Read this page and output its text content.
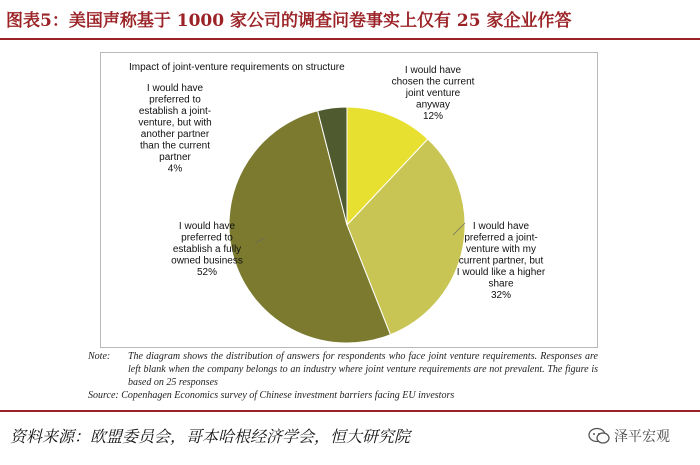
图表5：美国声称基于 1000 家公司的调查问卷事实上仅有 25 家企业作答
Impact of joint-venture requirements on structure	I would have chosen the current joint venture anyway 12%
I would have preferred a joint-venture with my current partner, but I would like a higher share 32%
I would have preferred to establish a fully owned business 52%
I would have preferred to establish a joint-venture, but with another partner than the current partner 4%
Note:	The diagram shows the distribution of answers for respondents who face joint venture requirements. Responses are left blank when the company belongs to an industry where joint venture requirements are not prevalent. The figure is based on 25 responses
Source:
Copenhagen Economics survey of Chinese investment barriers facing EU investors
资料来源：欧盟委员会，哥本哈根经济学会，恒大研究院	泽平宏观
